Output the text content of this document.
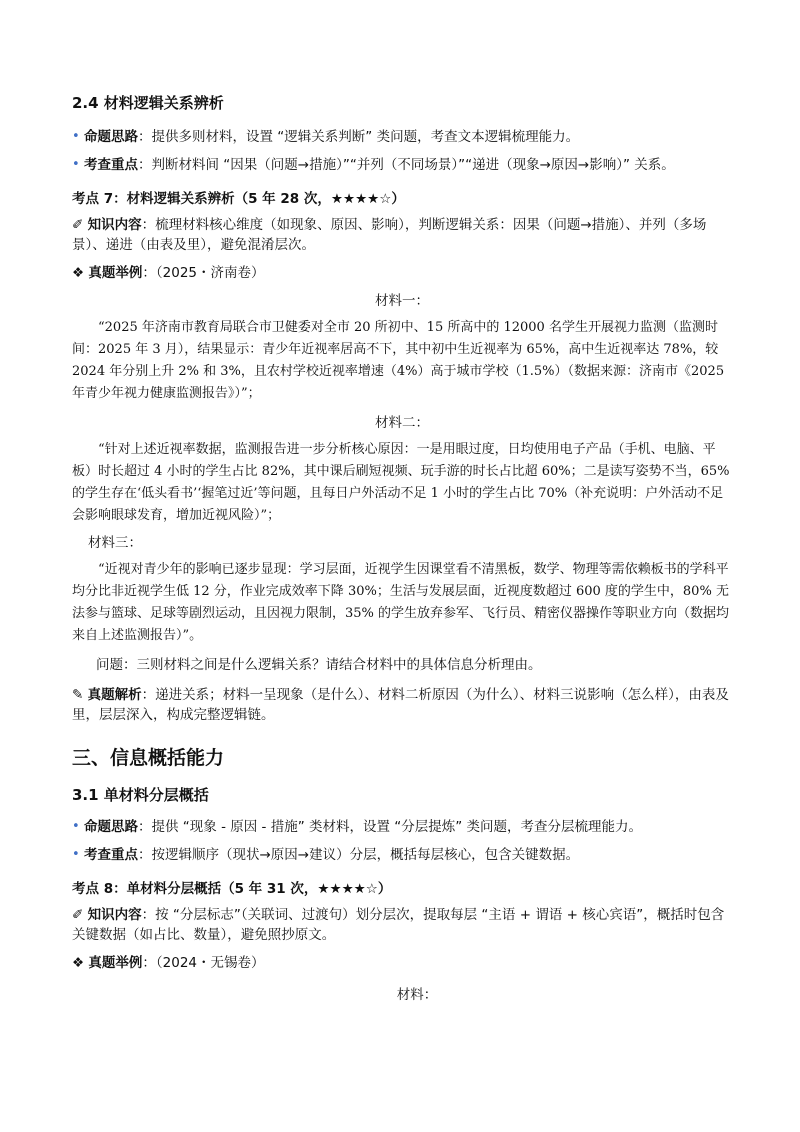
2.4 材料逻辑关系辨析
• 命题思路：提供多则材料，设置 “逻辑关系判断” 类问题，考查文本逻辑梳理能力。
• 考查重点：判断材料间 “因果（问题→措施）”“并列（不同场景）”“递进（现象→原因→影响）” 关系。
考点 7：材料逻辑关系辨析（5 年 28 次，★★★★☆）
✐ 知识内容：梳理材料核心维度（如现象、原因、影响），判断逻辑关系：因果（问题→措施）、并列（多场景）、递进（由表及里），避免混淆层次。
❖ 真题举例：（2025・济南卷）
材料一：
“2025 年济南市教育局联合市卫健委对全市 20 所初中、15 所高中的 12000 名学生开展视力监测（监测时间：2025 年 3 月），结果显示：青少年近视率居高不下，其中初中生近视率为 65%，高中生近视率达 78%，较 2024 年分别上升 2% 和 3%，且农村学校近视率增速（4%）高于城市学校（1.5%）（数据来源：济南市《2025 年青少年视力健康监测报告》）”；
材料二：
“针对上述近视率数据，监测报告进一步分析核心原因：一是用眼过度，日均使用电子产品（手机、电脑、平板）时长超过 4 小时的学生占比 82%，其中课后刷短视频、玩手游的时长占比超 60%；二是读写姿势不当，65% 的学生存在‘低头看书’‘握笔过近’等问题，且每日户外活动不足 1 小时的学生占比 70%（补充说明：户外活动不足会影响眼球发育，增加近视风险）”；
材料三：
“近视对青少年的影响已逐步显现：学习层面，近视学生因课堂看不清黑板，数学、物理等需依赖板书的学科平均分比非近视学生低 12 分，作业完成效率下降 30%；生活与发展层面，近视度数超过 600 度的学生中，80% 无法参与篮球、足球等剧烈运动，且因视力限制，35% 的学生放弃参军、飞行员、精密仪器操作等职业方向（数据均来自上述监测报告）”。
问题：三则材料之间是什么逻辑关系？请结合材料中的具体信息分析理由。
✎ 真题解析：递进关系；材料一呈现象（是什么）、材料二析原因（为什么）、材料三说影响（怎么样），由表及里，层层深入，构成完整逻辑链。
三、信息概括能力
3.1 单材料分层概括
• 命题思路：提供 “现象 - 原因 - 措施” 类材料，设置 “分层提炼” 类问题，考查分层梳理能力。
• 考查重点：按逻辑顺序（现状→原因→建议）分层，概括每层核心，包含关键数据。
考点 8：单材料分层概括（5 年 31 次，★★★★☆）
✐ 知识内容：按 “分层标志”（关联词、过渡句）划分层次，提取每层 “主语 + 谓语 + 核心宾语”，概括时包含关键数据（如占比、数量），避免照抄原文。
❖ 真题举例：（2024・无锡卷）
材料：
